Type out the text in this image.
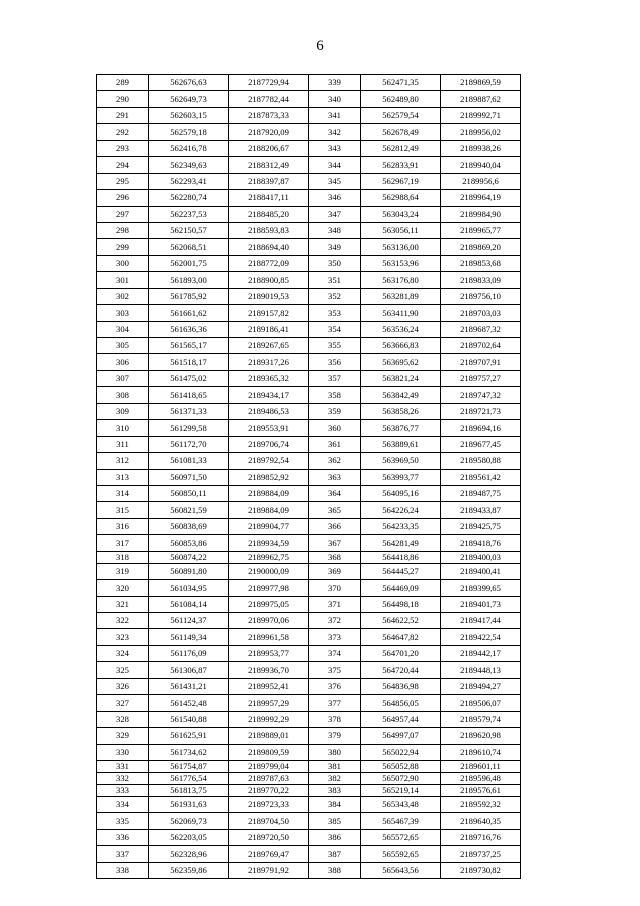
6
289	562676,63	2187729,94	339	562471,35	2189869,59
290	562649,73	2187782,44	340	562489,80	2189887,62
291	562603,15	2187873,33	341	562579,54	2189992,71
292	562579,18	2187920,09	342	562678,49	2189956,02
293	562416,78	2188206,67	343	562812,49	2189938,26
294	562349,63	2188312,49	344	562833,91	2189940,04
295	562293,41	2188397,87	345	562967,19	2189956,6
296	562280,74	2188417,11	346	562988,64	2189964,19
297	562237,53	2188485,20	347	563043,24	2189984,90
298	562150,57	2188593,83	348	563056,11	2189965,77
299	562068,51	2188694,40	349	563136,00	2189869,20
300	562001,75	2188772,09	350	563153,96	2189853,68
301	561893,00	2188900,85	351	563176,80	2189833,09
302	561785,92	2189019,53	352	563281,89	2189756,10
303	561661,62	2189157,82	353	563411,90	2189703,03
304	561636,36	2189186,41	354	563536,24	2189687,32
305	561565,17	2189267,65	355	563666,83	2189702,64
306	561518,17	2189317,26	356	563695,62	2189707,91
307	561475,02	2189365,32	357	563821,24	2189757,27
308	561418,65	2189434,17	358	563842,49	2189747,32
309	561371,33	2189486,53	359	563858,26	2189721,73
310	561299,58	2189553,91	360	563876,77	2189694,16
311	561172,70	2189706,74	361	563889,61	2189677,45
312	561081,33	2189792,54	362	563969,50	2189580,88
313	560971,50	2189852,92	363	563993,77	2189561,42
314	560850,11	2189884,09	364	564095,16	2189487,75
315	560821,59	2189884,09	365	564226,24	2189433,87
316	560838,69	2189904,77	366	564233,35	2189425,75
317	560853,86	2189934,59	367	564281,49	2189418,76
318	560874,22	2189962,75	368	564418,86	2189400,03
319	560891,80	2190000,09	369	564445,27	2189400,41
320	561034,95	2189977,98	370	564469,09	2189399,65
321	561084,14	2189975,05	371	564498,18	2189401,73
322	561124,37	2189970,06	372	564622,52	2189417,44
323	561149,34	2189961,58	373	564647,82	2189422,54
324	561176,09	2189953,77	374	564701,20	2189442,17
325	561306,87	2189936,70	375	564720,44	2189448,13
326	561431,21	2189952,41	376	564836,98	2189494,27
327	561452,48	2189957,29	377	564856,05	2189506,07
328	561540,88	2189992,29	378	564957,44	2189579,74
329	561625,91	2189889,01	379	564997,07	2189620,98
330	561734,62	2189809,59	380	565022,94	2189610,74
331	561754,87	2189799,04	381	565052,88	2189601,11
332	561776,54	2189787,63	382	565072,90	2189596,48
333	561813,75	2189770,22	383	565219,14	2189576,61
334	561931,63	2189723,33	384	565343,48	2189592,32
335	562069,73	2189704,50	385	565467,39	2189640,35
336	562203,05	2189720,50	386	565572,65	2189716,76
337	562328,96	2189769,47	387	565592,65	2189737,25
338	562359,86	2189791,92	388	565643,56	2189730,82
